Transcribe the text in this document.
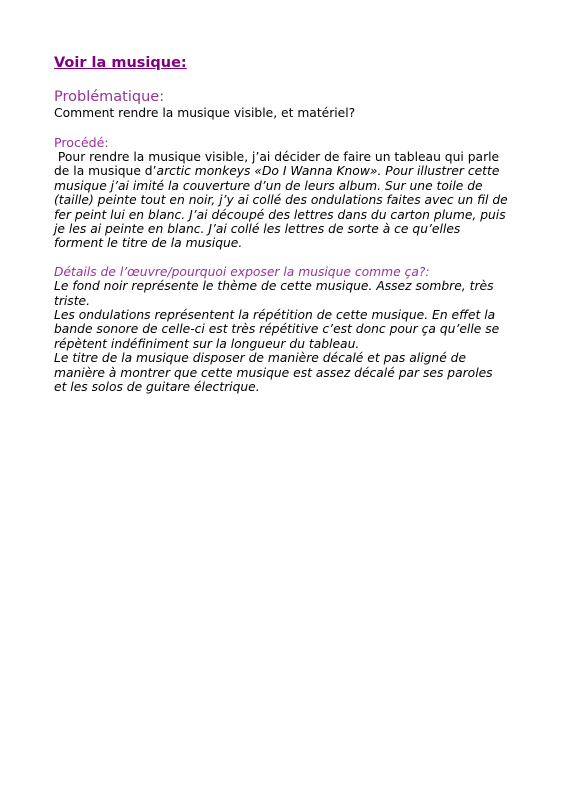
Voir la musique:
Problématique:
Comment rendre la musique visible, et matériel?
Procédé:
Pour rendre la musique visible, j’ai décider de faire un tableau qui parle
de la musique d’arctic monkeys «Do I Wanna Know». Pour illustrer cette
musique j’ai imité la couverture d’un de leurs album. Sur une toile de
(taille) peinte tout en noir, j’y ai collé des ondulations faites avec un fil de
fer peint lui en blanc. J’ai découpé des lettres dans du carton plume, puis
je les ai peinte en blanc. J’ai collé les lettres de sorte à ce qu’elles
forment le titre de la musique.
Détails de l’œuvre/pourquoi exposer la musique comme ça?:
Le fond noir représente le thème de cette musique. Assez sombre, très
triste.
Les ondulations représentent la répétition de cette musique. En effet la
bande sonore de celle-ci est très répétitive c’est donc pour ça qu’elle se
répètent indéfiniment sur la longueur du tableau.
Le titre de la musique disposer de manière décalé et pas aligné de
manière à montrer que cette musique est assez décalé par ses paroles
et les solos de guitare électrique.
